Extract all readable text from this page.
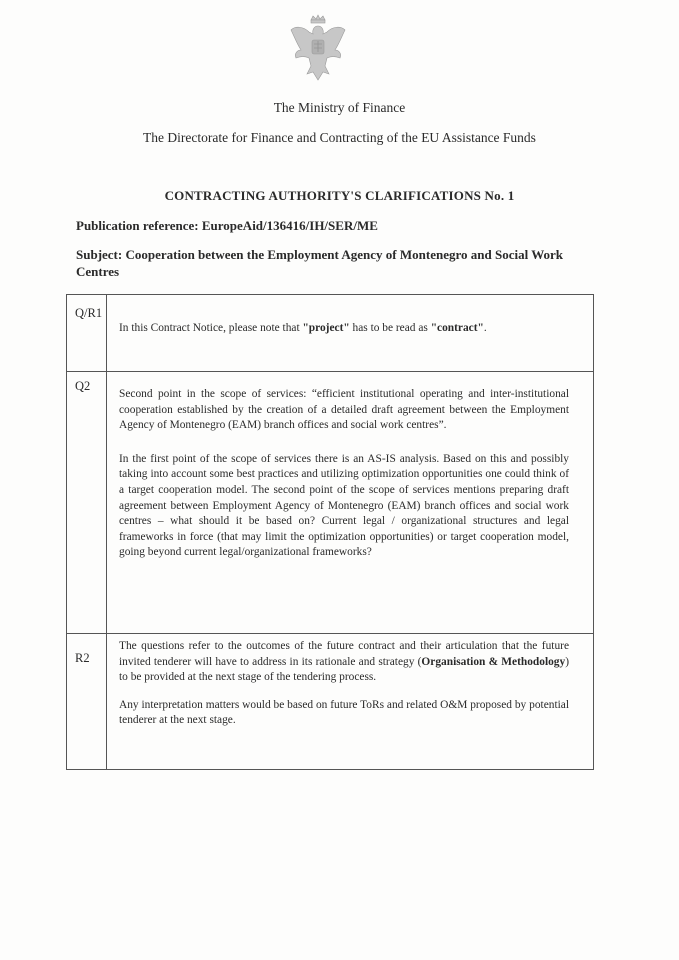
The Ministry of Finance

The Directorate for Finance and Contracting of the EU Assistance Funds

CONTRACTING AUTHORITY'S CLARIFICATIONS No. 1

Publication reference: EuropeAid/136416/IH/SER/ME

Subject: Cooperation between the Employment Agency of Montenegro and Social Work Centres

Q/R1

In this Contract Notice, please note that "project" has to be read as "contract".

Q2

Second point in the scope of services: “efficient institutional operating and inter-institutional cooperation established by the creation of a detailed draft agreement between the Employment Agency of Montenegro (EAM) branch offices and social work centres”.

In the first point of the scope of services there is an AS-IS analysis. Based on this and possibly taking into account some best practices and utilizing optimization opportunities one could think of a target cooperation model. The second point of the scope of services mentions preparing draft agreement between Employment Agency of Montenegro (EAM) branch offices and social work centres – what should it be based on? Current legal / organizational structures and legal frameworks in force (that may limit the optimization opportunities) or target cooperation model, going beyond current legal/organizational frameworks?

R2

The questions refer to the outcomes of the future contract and their articulation that the future invited tenderer will have to address in its rationale and strategy (Organisation & Methodology) to be provided at the next stage of the tendering process.

Any interpretation matters would be based on future ToRs and related O&M proposed by potential tenderer at the next stage.
